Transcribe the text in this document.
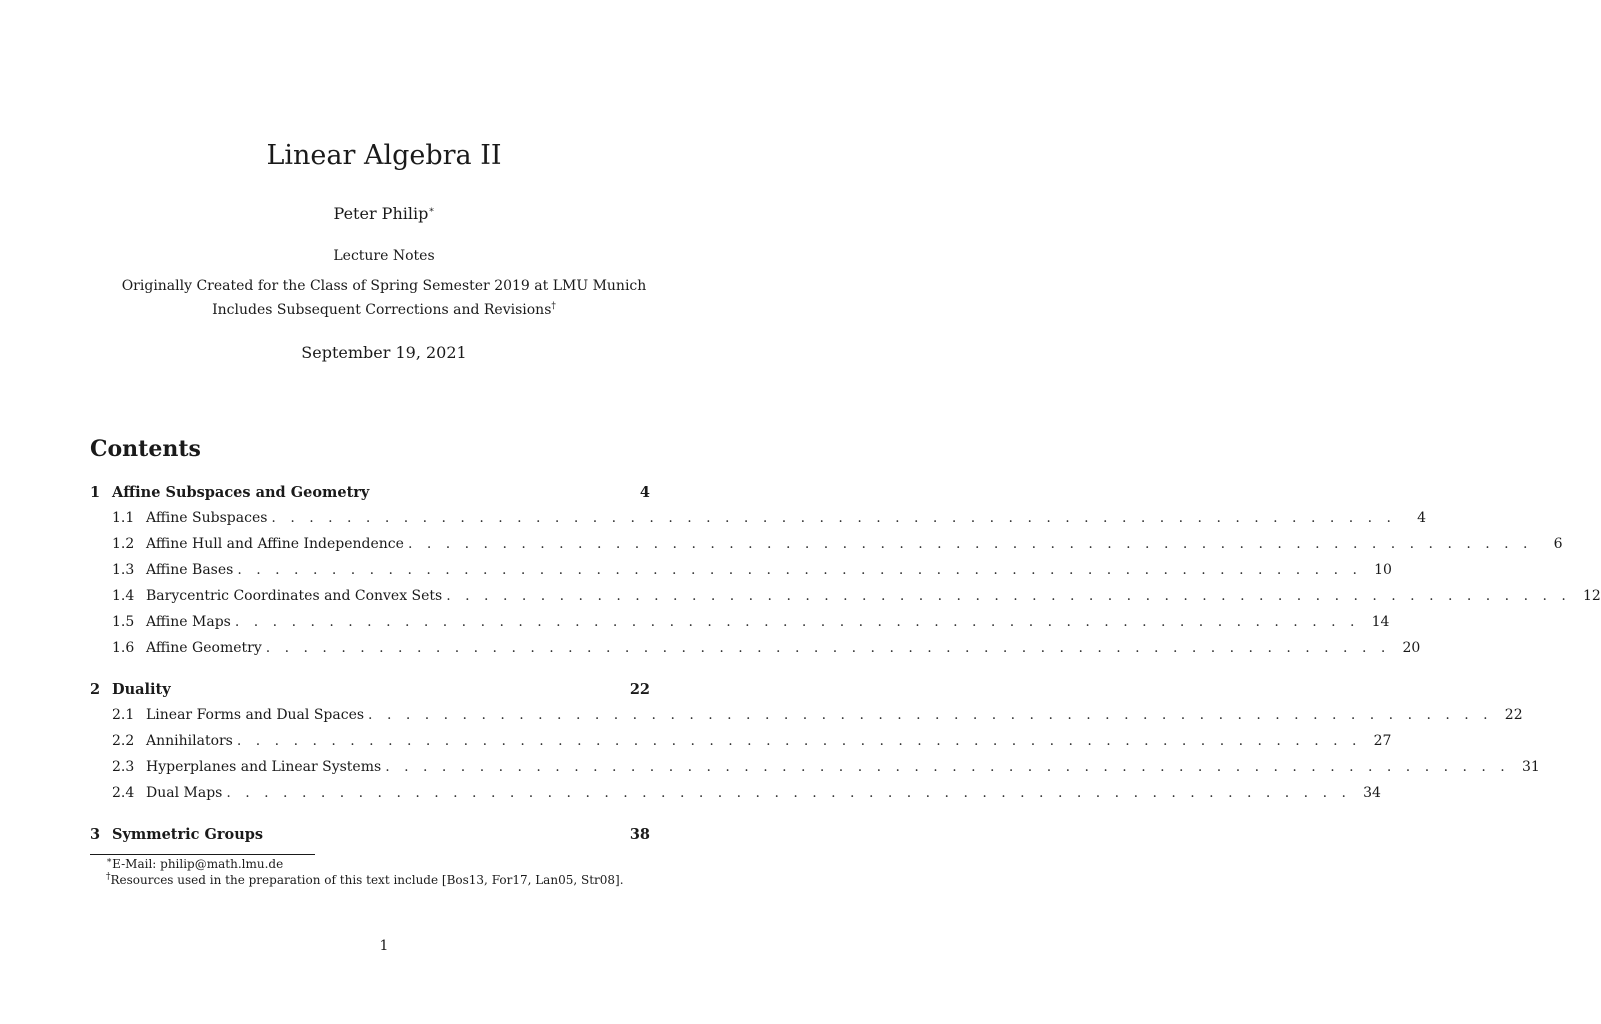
Linear Algebra II
Peter Philip∗
Lecture Notes
Originally Created for the Class of Spring Semester 2019 at LMU Munich
Includes Subsequent Corrections and Revisions†
September 19, 2021
Contents
1 Affine Subspaces and Geometry	4
1.1 Affine Subspaces . . . . . . . . . . . . . . . . . . . . . . . . . . . . . . . . . . . . . . . . . . . . . . . . . . . . . . . . . . . .	4
1.2 Affine Hull and Affine Independence . . . . . . . . . . . . . . . . . . . . . . . . . . . . . . . . . . . . . . . . . . . . . . . . . . . . . . . . . . . .	6
1.3 Affine Bases . . . . . . . . . . . . . . . . . . . . . . . . . . . . . . . . . . . . . . . . . . . . . . . . . . . . . . . . . . . . 10
1.4 Barycentric Coordinates and Convex Sets . . . . . . . . . . . . . . . . . . . . . . . . . . . . . . . . . . . . . . . . . . . . . . . . . . . . . . . . . . . . 12
1.5 Affine Maps . . . . . . . . . . . . . . . . . . . . . . . . . . . . . . . . . . . . . . . . . . . . . . . . . . . . . . . . . . . . 14
1.6 Affine Geometry . . . . . . . . . . . . . . . . . . . . . . . . . . . . . . . . . . . . . . . . . . . . . . . . . . . . . . . . . . . . 20
2 Duality	22
2.1 Linear Forms and Dual Spaces . . . . . . . . . . . . . . . . . . . . . . . . . . . . . . . . . . . . . . . . . . . . . . . . . . . . . . . . . . . . 22
2.2 Annihilators . . . . . . . . . . . . . . . . . . . . . . . . . . . . . . . . . . . . . . . . . . . . . . . . . . . . . . . . . . . . 27
2.3 Hyperplanes and Linear Systems . . . . . . . . . . . . . . . . . . . . . . . . . . . . . . . . . . . . . . . . . . . . . . . . . . . . . . . . . . . . 31
2.4 Dual Maps . . . . . . . . . . . . . . . . . . . . . . . . . . . . . . . . . . . . . . . . . . . . . . . . . . . . . . . . . . . . 34
3 Symmetric Groups	38
∗E-Mail: philip@math.lmu.de
†Resources used in the preparation of this text include [Bos13, For17, Lan05, Str08].
1
